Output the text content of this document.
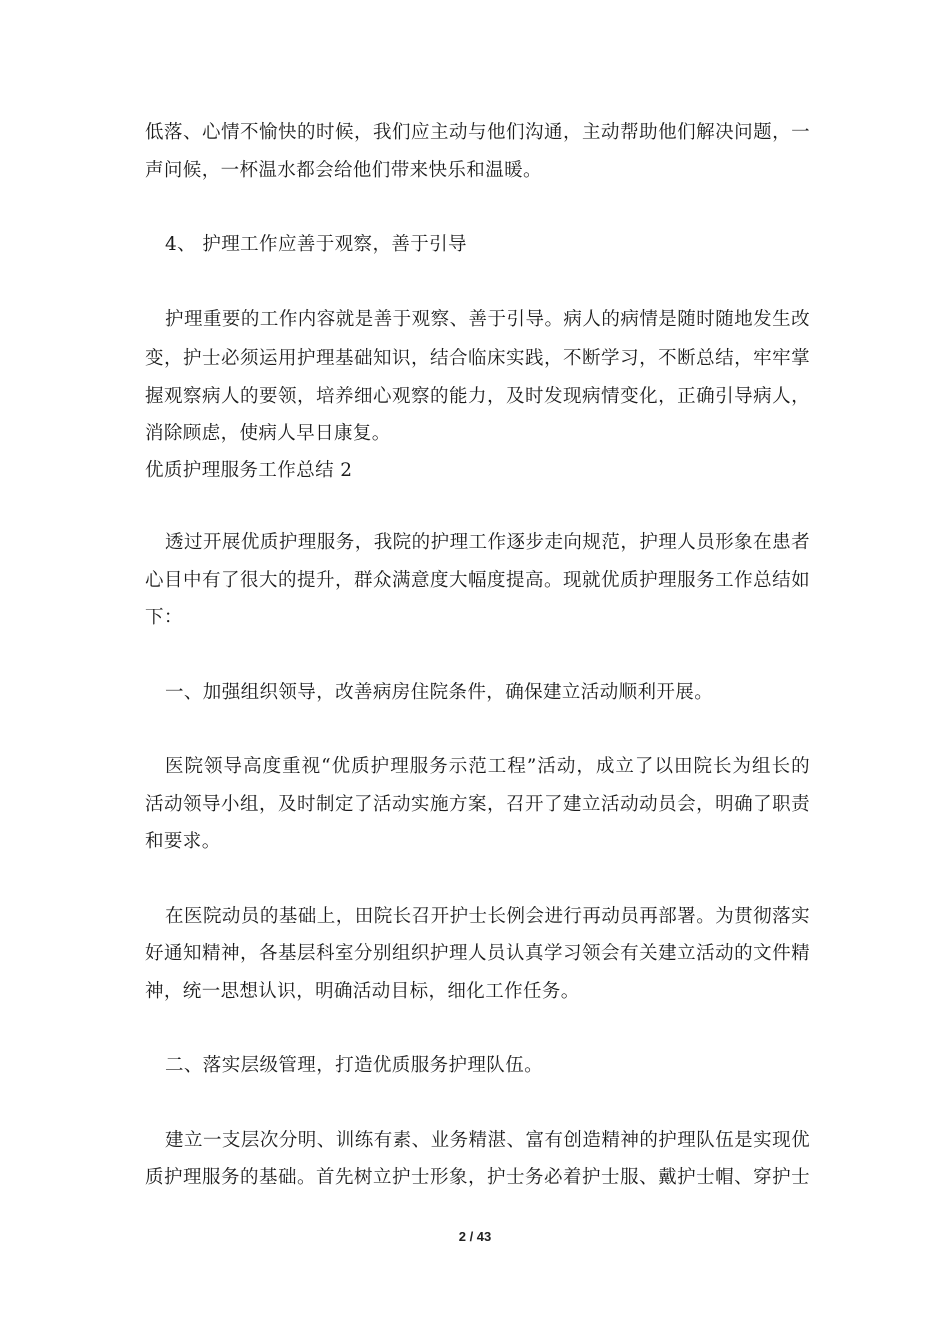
低落、心情不愉快的时候，我们应主动与他们沟通，主动帮助他们解决问题，一
声问候，一杯温水都会给他们带来快乐和温暖。
4、 护理工作应善于观察，善于引导
护理重要的工作内容就是善于观察、善于引导。病人的病情是随时随地发生改
变，护士必须运用护理基础知识，结合临床实践，不断学习，不断总结，牢牢掌
握观察病人的要领，培养细心观察的能力，及时发现病情变化，正确引导病人，
消除顾虑，使病人早日康复。
优质护理服务工作总结 2
透过开展优质护理服务，我院的护理工作逐步走向规范，护理人员形象在患者
心目中有了很大的提升，群众满意度大幅度提高。现就优质护理服务工作总结如
下：
一、加强组织领导，改善病房住院条件，确保建立活动顺利开展。
医院领导高度重视“优质护理服务示范工程”活动，成立了以田院长为组长的
活动领导小组，及时制定了活动实施方案，召开了建立活动动员会，明确了职责
和要求。
在医院动员的基础上，田院长召开护士长例会进行再动员再部署。为贯彻落实
好通知精神，各基层科室分别组织护理人员认真学习领会有关建立活动的文件精
神，统一思想认识，明确活动目标，细化工作任务。
二、落实层级管理，打造优质服务护理队伍。
建立一支层次分明、训练有素、业务精湛、富有创造精神的护理队伍是实现优
质护理服务的基础。首先树立护士形象，护士务必着护士服、戴护士帽、穿护士
2 / 43
